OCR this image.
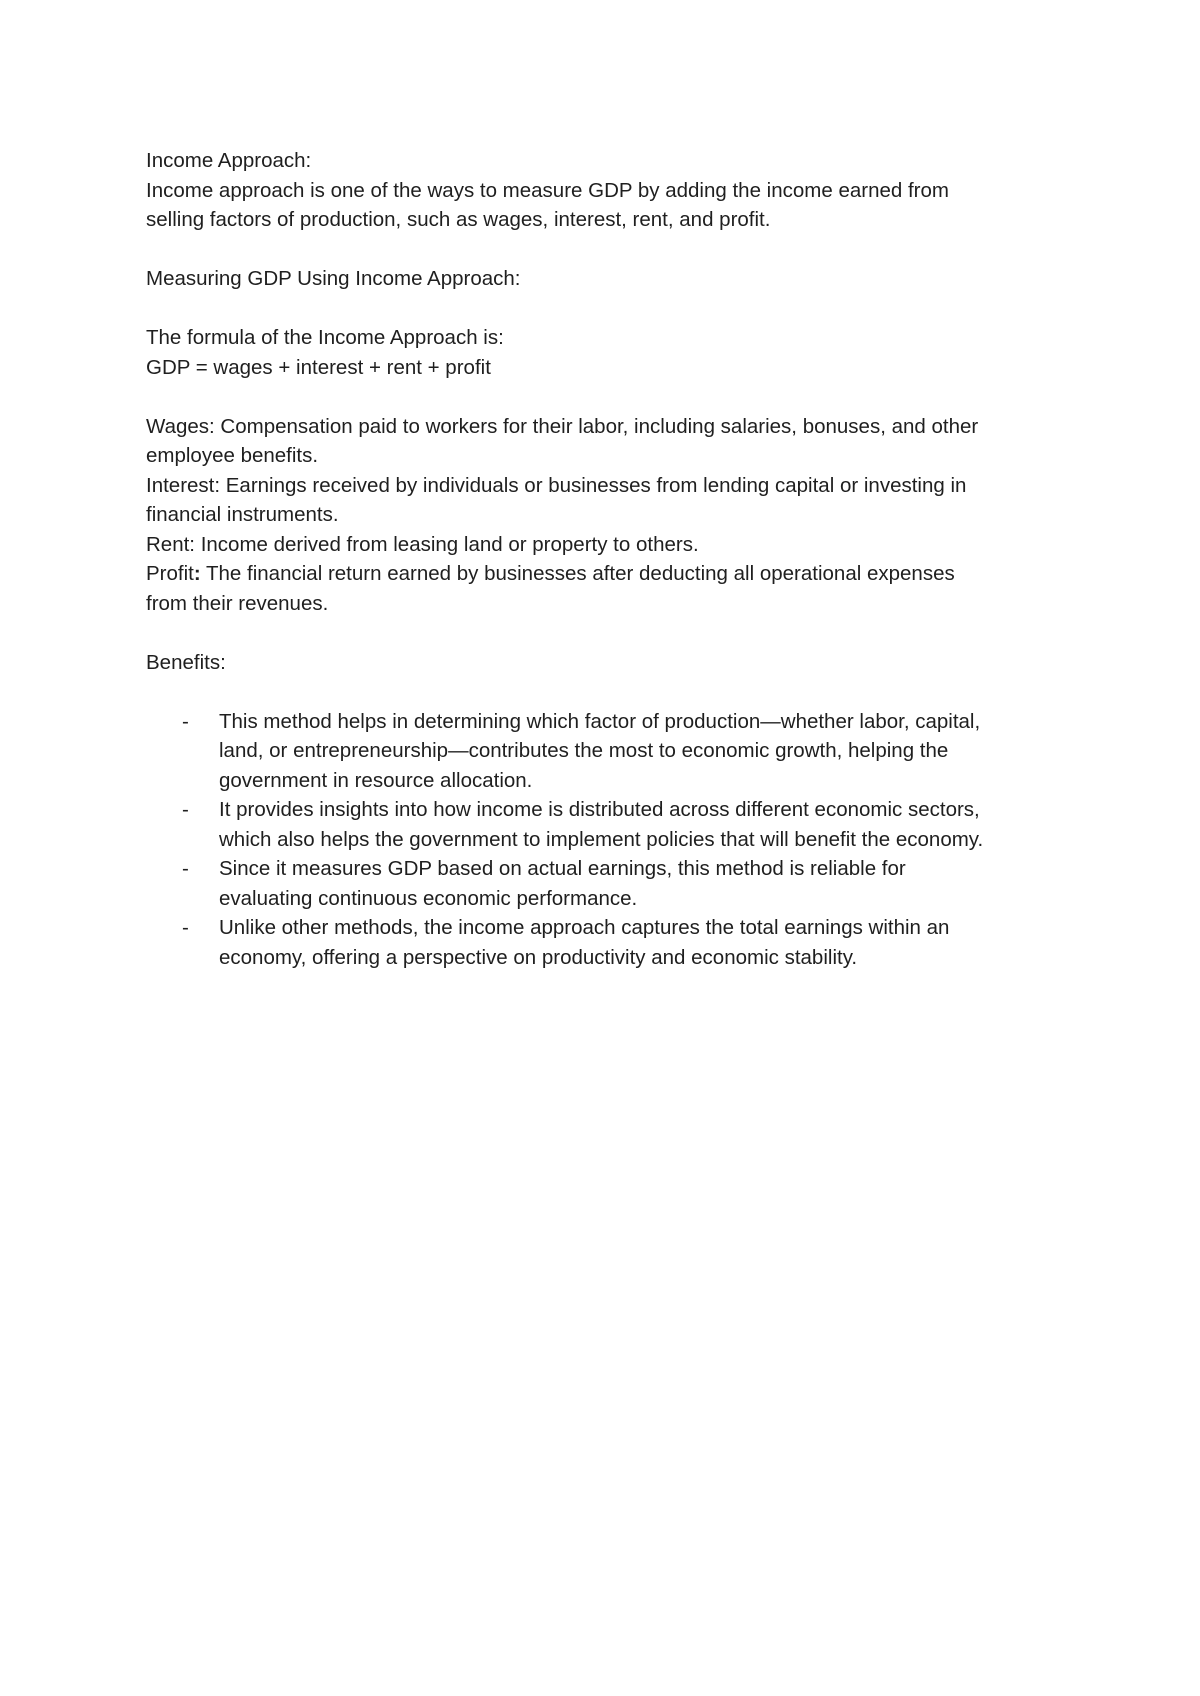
Income Approach:

Income approach is one of the ways to measure GDP by adding the income earned from

selling factors of production, such as wages, interest, rent, and profit.

Measuring GDP Using Income Approach:

The formula of the Income Approach is:

GDP = wages + interest + rent + profit

Wages: Compensation paid to workers for their labor, including salaries, bonuses, and other

employee benefits.

Interest: Earnings received by individuals or businesses from lending capital or investing in

financial instruments.

Rent: Income derived from leasing land or property to others.

Profit: The financial return earned by businesses after deducting all operational expenses

from their revenues.

Benefits:

- This method helps in determining which factor of production—whether labor, capital,

land, or entrepreneurship—contributes the most to economic growth, helping the

government in resource allocation.

- It provides insights into how income is distributed across different economic sectors,

which also helps the government to implement policies that will benefit the economy.

- Since it measures GDP based on actual earnings, this method is reliable for

evaluating continuous economic performance.

- Unlike other methods, the income approach captures the total earnings within an

economy, offering a perspective on productivity and economic stability.
